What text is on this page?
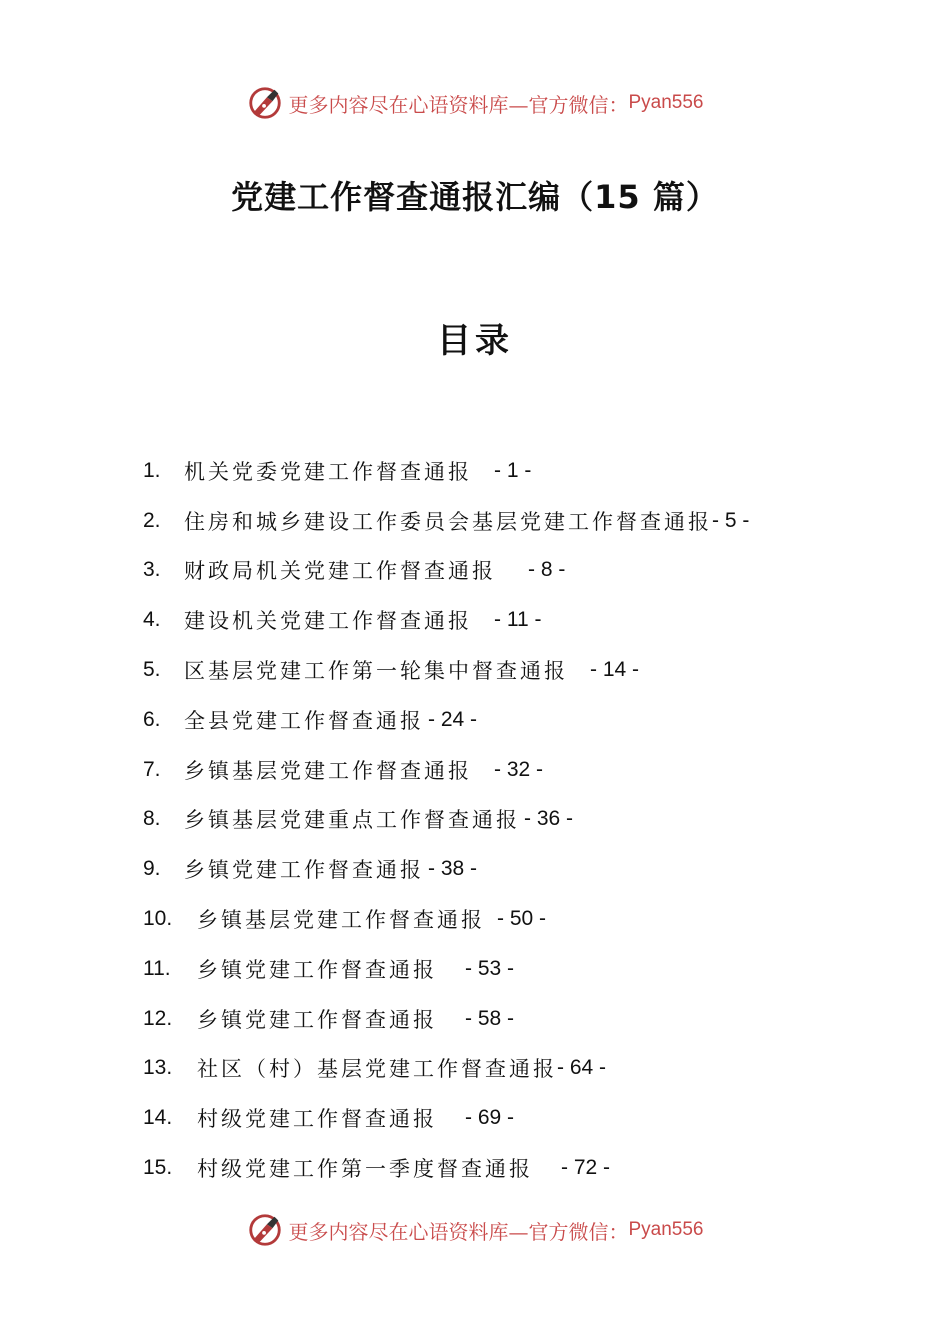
更多内容尽在心语资料库—官方微信： Pyan556
党建工作督查通报汇编（15 篇）
目录
1.	机关党委党建工作督查通报 - 1 -
2.	住房和城乡建设工作委员会基层党建工作督查通报 - 5 -
3.	财政局机关党建工作督查通报 - 8 -
4.	建设机关党建工作督查通报 - 11 -
5.	区基层党建工作第一轮集中督查通报 - 14 -
6.	全县党建工作督查通报 - 24 -
7.	乡镇基层党建工作督查通报 - 32 -
8.	乡镇基层党建重点工作督查通报 - 36 -
9.	乡镇党建工作督查通报 - 38 -
10.	乡镇基层党建工作督查通报 - 50 -
11.	乡镇党建工作督查通报 - 53 -
12.	乡镇党建工作督查通报 - 58 -
13.	社区（村）基层党建工作督查通报 - 64 -
14.	村级党建工作督查通报 - 69 -
15.	村级党建工作第一季度督查通报 - 72 -
更多内容尽在心语资料库—官方微信： Pyan556
